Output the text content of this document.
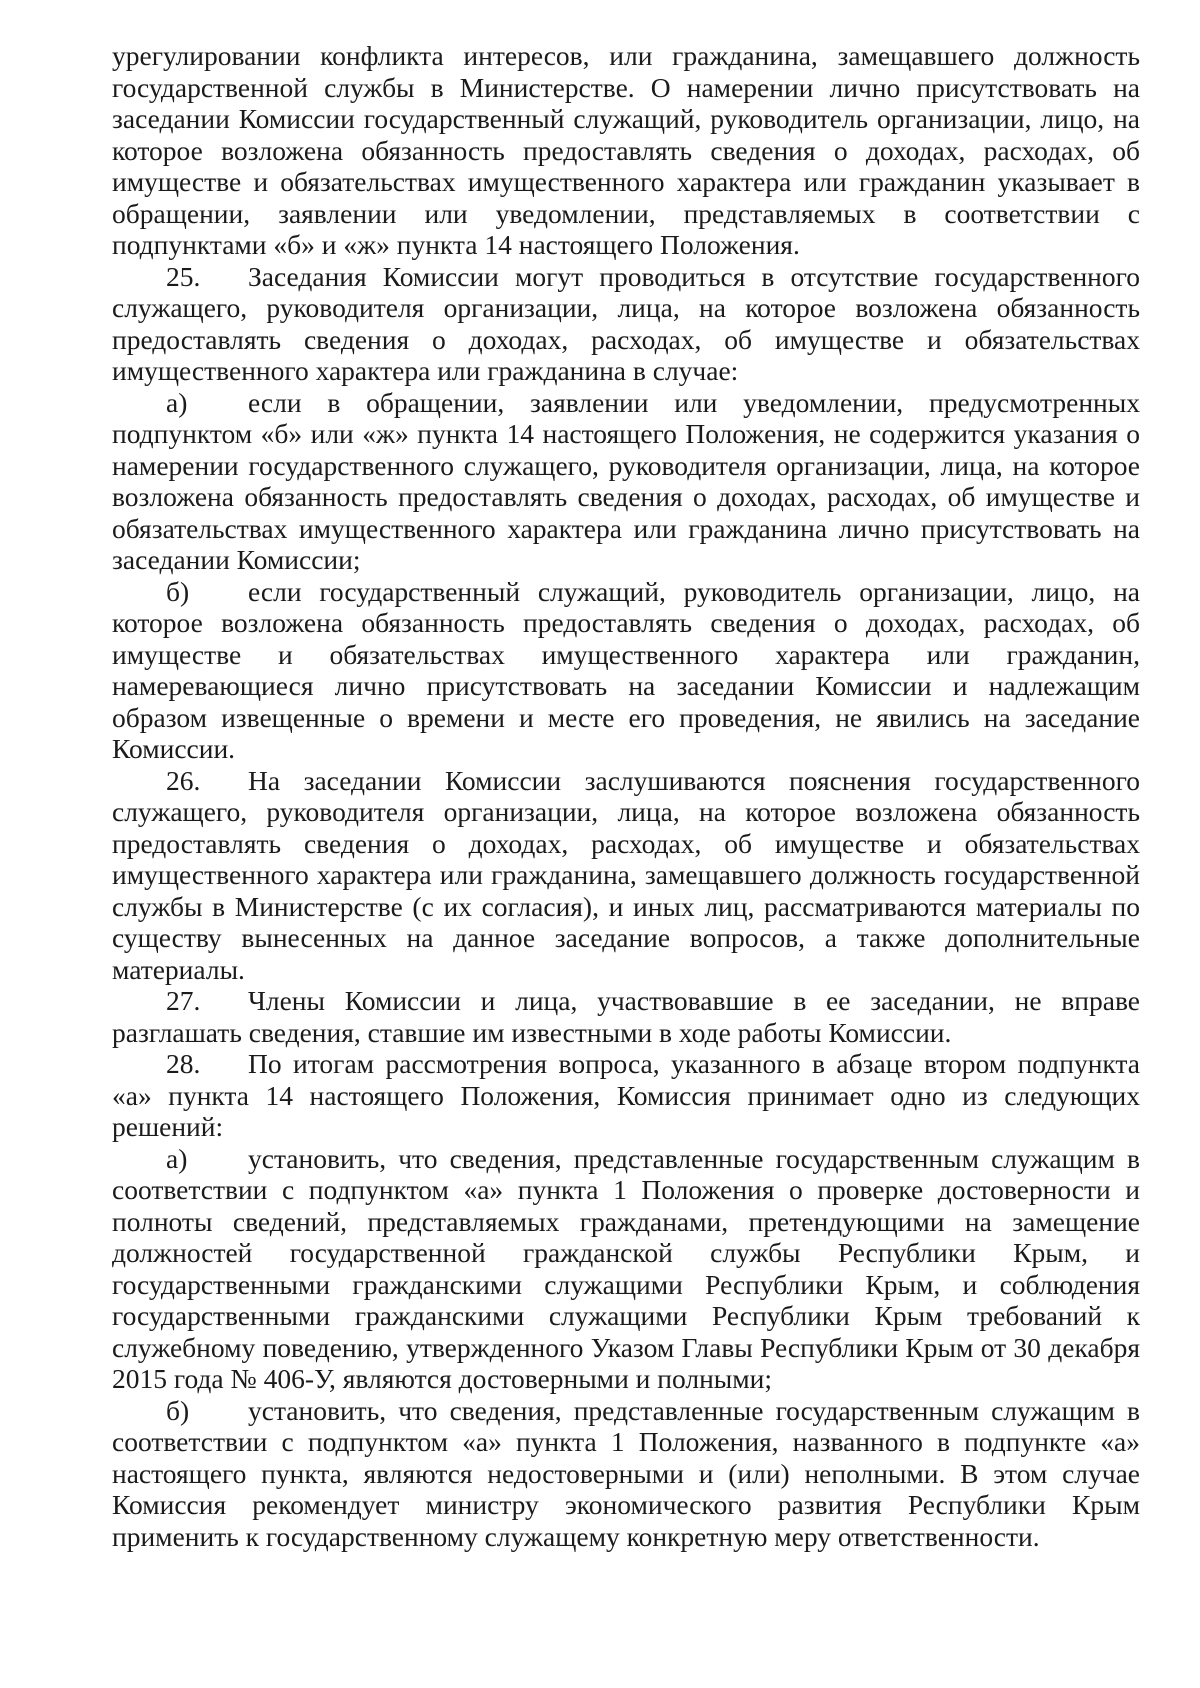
урегулировании конфликта интересов, или гражданина, замещавшего должность государственной службы в Министерстве. О намерении лично присутствовать на заседании Комиссии государственный служащий, руководитель организации, лицо, на которое возложена обязанность предоставлять сведения о доходах, расходах, об имуществе и обязательствах имущественного характера или гражданин указывает в обращении, заявлении или уведомлении, представляемых в соответствии с подпунктами «б» и «ж» пункта 14 настоящего Положения.

25. Заседания Комиссии могут проводиться в отсутствие государственного служащего, руководителя организации, лица, на которое возложена обязанность предоставлять сведения о доходах, расходах, об имуществе и обязательствах имущественного характера или гражданина в случае:

а) если в обращении, заявлении или уведомлении, предусмотренных подпунктом «б» или «ж» пункта 14 настоящего Положения, не содержится указания о намерении государственного служащего, руководителя организации, лица, на которое возложена обязанность предоставлять сведения о доходах, расходах, об имуществе и обязательствах имущественного характера или гражданина лично присутствовать на заседании Комиссии;

б) если государственный служащий, руководитель организации, лицо, на которое возложена обязанность предоставлять сведения о доходах, расходах, об имуществе и обязательствах имущественного характера или гражданин, намеревающиеся лично присутствовать на заседании Комиссии и надлежащим образом извещенные о времени и месте его проведения, не явились на заседание Комиссии.

26. На заседании Комиссии заслушиваются пояснения государственного служащего, руководителя организации, лица, на которое возложена обязанность предоставлять сведения о доходах, расходах, об имуществе и обязательствах имущественного характера или гражданина, замещавшего должность государственной службы в Министерстве (с их согласия), и иных лиц, рассматриваются материалы по существу вынесенных на данное заседание вопросов, а также дополнительные материалы.

27. Члены Комиссии и лица, участвовавшие в ее заседании, не вправе разглашать сведения, ставшие им известными в ходе работы Комиссии.

28. По итогам рассмотрения вопроса, указанного в абзаце втором подпункта «а» пункта 14 настоящего Положения, Комиссия принимает одно из следующих решений:

а) установить, что сведения, представленные государственным служащим в соответствии с подпунктом «а» пункта 1 Положения о проверке достоверности и полноты сведений, представляемых гражданами, претендующими на замещение должностей государственной гражданской службы Республики Крым, и государственными гражданскими служащими Республики Крым, и соблюдения государственными гражданскими служащими Республики Крым требований к служебному поведению, утвержденного Указом Главы Республики Крым от 30 декабря 2015 года № 406-У, являются достоверными и полными;

б) установить, что сведения, представленные государственным служащим в соответствии с подпунктом «а» пункта 1 Положения, названного в подпункте «а» настоящего пункта, являются недостоверными и (или) неполными. В этом случае Комиссия рекомендует министру экономического развития Республики Крым применить к государственному служащему конкретную меру ответственности.
